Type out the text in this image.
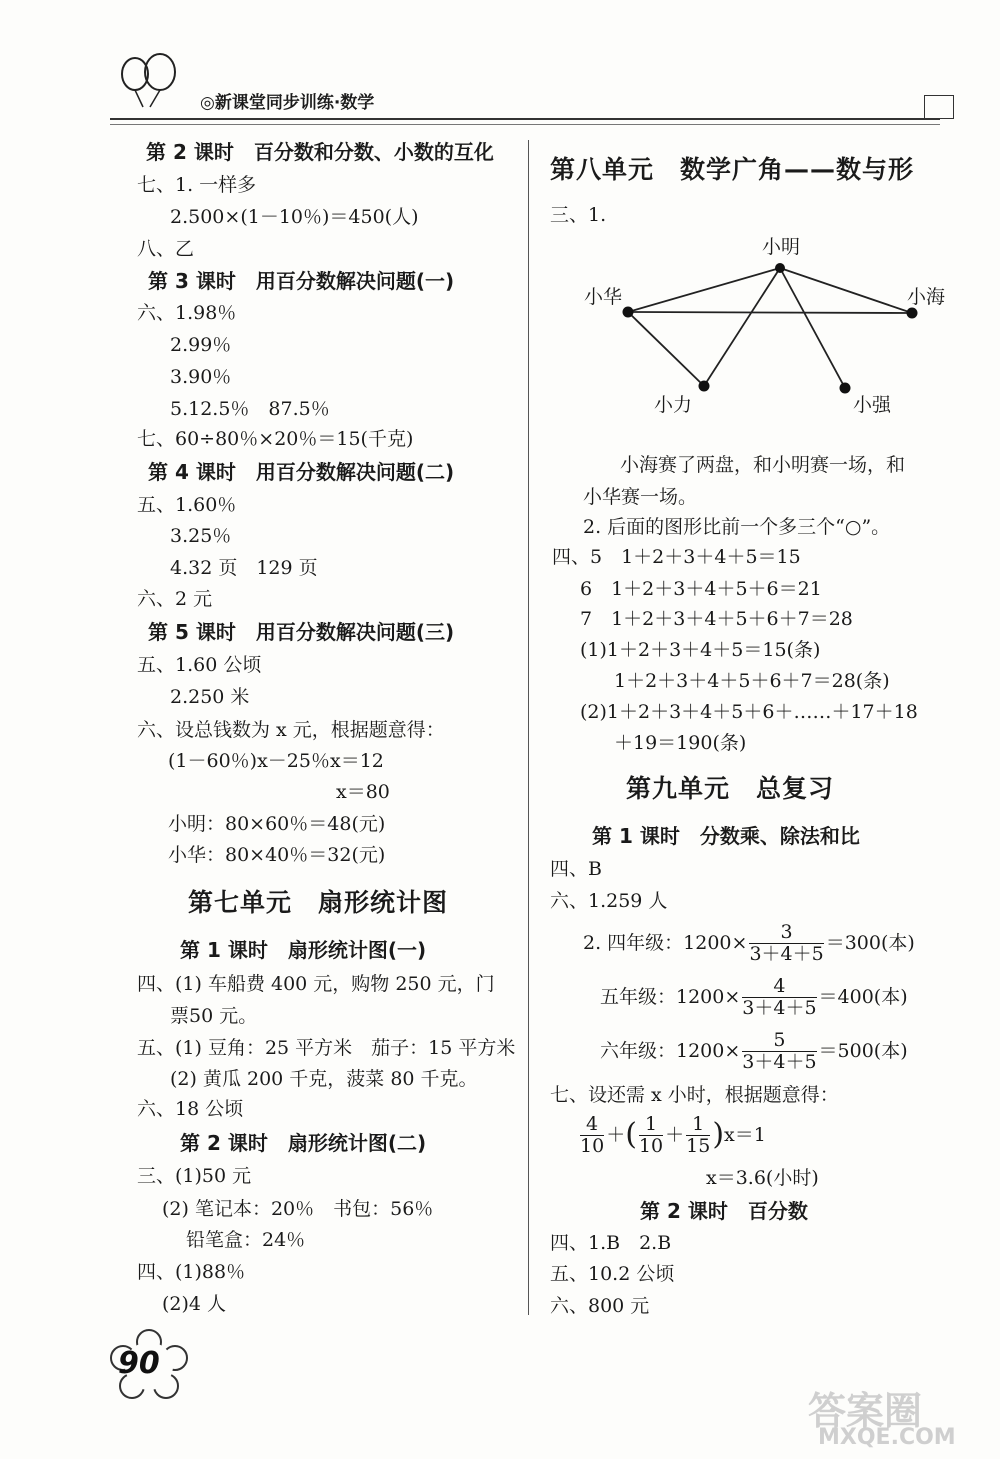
◎新课堂同步训练·数学
第 2 课时　百分数和分数、小数的互化
七、1. 一样多
2.500×(1－10％)＝450(人)
八、乙
第 3 课时　用百分数解决问题(一)
六、1.98％
2.99％
3.90％
5.12.5％　87.5％
七、60÷80％×20％＝15(千克)
第 4 课时　用百分数解决问题(二)
五、1.60％
3.25％
4.32 页　129 页
六、2 元
第 5 课时　用百分数解决问题(三)
五、1.60 公顷
2.250 米
六、设总钱数为 x 元，根据题意得：
(1－60％)x－25％x＝12
x＝80
小明：80×60％＝48(元)
小华：80×40％＝32(元)
第七单元　扇形统计图
第 1 课时　扇形统计图(一)
四、(1) 车船费 400 元，购物 250 元，门
票50 元。
五、(1) 豆角：25 平方米　茄子：15 平方米
(2) 黄瓜 200 千克，菠菜 80 千克。
六、18 公顷
第 2 课时　扇形统计图(二)
三、(1)50 元
(2) 笔记本：20％　书包：56％
铅笔盒：24％
四、(1)88％
(2)4 人
第八单元　数学广角——数与形
三、1.
小明
小华	小海
小力	小强
小海赛了两盘，和小明赛一场，和
小华赛一场。
2. 后面的图形比前一个多三个“○”。
四、5　1＋2＋3＋4＋5＝15
6　1＋2＋3＋4＋5＋6＝21
7　1＋2＋3＋4＋5＋6＋7＝28
(1)1＋2＋3＋4＋5＝15(条)
1＋2＋3＋4＋5＋6＋7＝28(条)
(2)1＋2＋3＋4＋5＋6＋……＋17＋18
＋19＝190(条)
第九单元　总复习
第 1 课时　分数乘、除法和比
四、B
六、1.259 人
2. 四年级：$1200\times \frac{3}{3+4+5} =300$(本)
五年级：$1200\times \frac{4}{3+4+5} =400$(本)
六年级：$1200\times \frac{5}{3+4+5} =500$(本)
七、设还需 x 小时，根据题意得：
$\frac{4}{10}$ ＋ ( $\frac{1}{10} + \frac{1}{15}$ ) x＝1
x＝3.6(小时)
第 2 课时　百分数
四、1.B　2.B
五、10.2 公顷
六、800 元
90
答案圈
MXQE.COM
